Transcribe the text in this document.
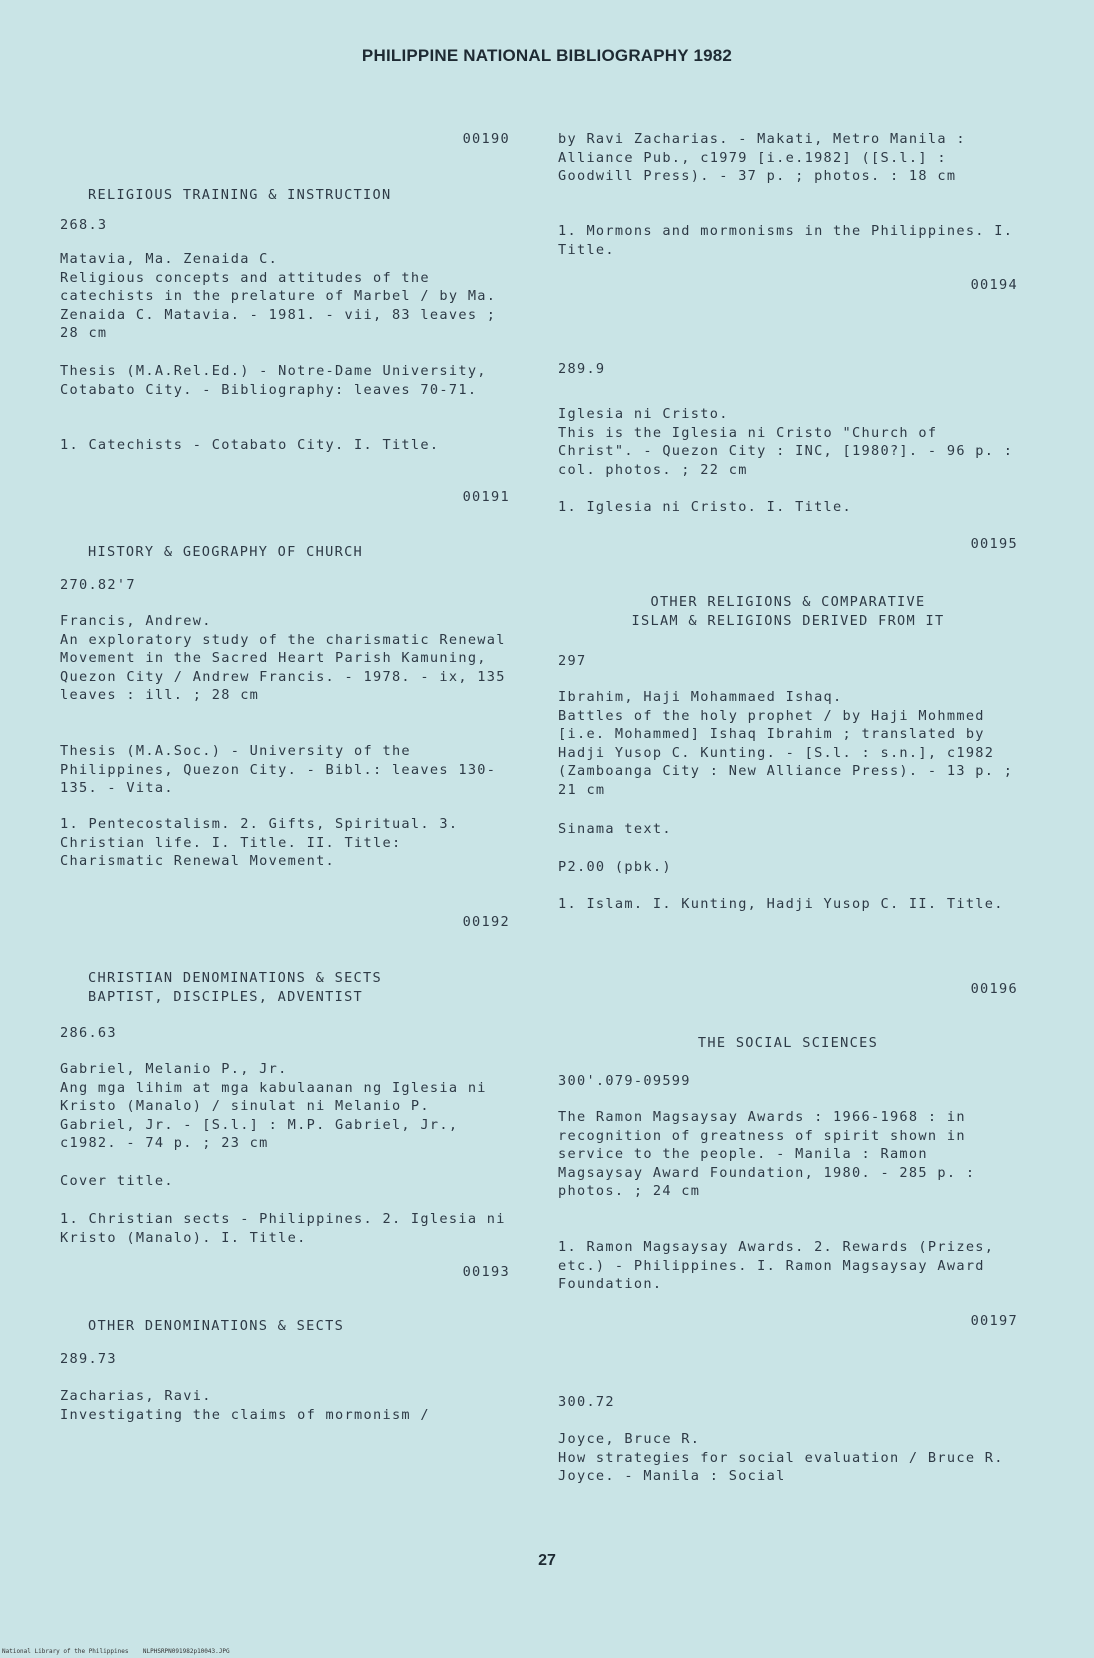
PHILIPPINE NATIONAL BIBLIOGRAPHY 1982
00190
RELIGIOUS TRAINING & INSTRUCTION
268.3
Matavia, Ma. Zenaida C.
Religious concepts and attitudes of the catechists in the prelature of Marbel / by Ma. Zenaida C. Matavia. - 1981. - vii, 83 leaves ; 28 cm
Thesis (M.A.Rel.Ed.) - Notre-Dame University, Cotabato City. - Bibliography: leaves 70-71.
1. Catechists - Cotabato City. I. Title.
00191
HISTORY & GEOGRAPHY OF CHURCH
270.82'7
Francis, Andrew.
An exploratory study of the charismatic Renewal Movement in the Sacred Heart Parish Kamuning, Quezon City / Andrew Francis. - 1978. - ix, 135 leaves : ill. ; 28 cm
Thesis (M.A.Soc.) - University of the Philippines, Quezon City. - Bibl.: leaves 130-135. - Vita.
1. Pentecostalism. 2. Gifts, Spiritual. 3. Christian life. I. Title. II. Title: Charismatic Renewal Movement.
00192
CHRISTIAN DENOMINATIONS & SECTS
BAPTIST, DISCIPLES, ADVENTIST
286.63
Gabriel, Melanio P., Jr.
Ang mga lihim at mga kabulaanan ng Iglesia ni Kristo (Manalo) / sinulat ni Melanio P. Gabriel, Jr. - [S.l.] : M.P. Gabriel, Jr., c1982. - 74 p. ; 23 cm
Cover title.
1. Christian sects - Philippines. 2. Iglesia ni Kristo (Manalo). I. Title.
00193
OTHER DENOMINATIONS & SECTS
289.73
Zacharias, Ravi.
Investigating the claims of mormonism /
by Ravi Zacharias. - Makati, Metro Manila : Alliance Pub., c1979 [i.e.1982] ([S.l.] : Goodwill Press). - 37 p. ; photos. : 18 cm
1. Mormons and mormonisms in the Philippines. I. Title.
00194
289.9
Iglesia ni Cristo.
This is the Iglesia ni Cristo "Church of Christ". - Quezon City : INC, [1980?]. - 96 p. : col. photos. ; 22 cm
1. Iglesia ni Cristo. I. Title.
00195
OTHER RELIGIONS & COMPARATIVE
ISLAM & RELIGIONS DERIVED FROM IT
297
Ibrahim, Haji Mohammaed Ishaq.
Battles of the holy prophet / by Haji Mohmmed [i.e. Mohammed] Ishaq Ibrahim ; translated by Hadji Yusop C. Kunting. - [S.l. : s.n.], c1982 (Zamboanga City : New Alliance Press). - 13 p. ; 21 cm
Sinama text.
P2.00 (pbk.)
1. Islam. I. Kunting, Hadji Yusop C. II. Title.
00196
THE SOCIAL SCIENCES
300'.079-09599
The Ramon Magsaysay Awards : 1966-1968 : in recognition of greatness of spirit shown in service to the people. - Manila : Ramon Magsaysay Award Foundation, 1980. - 285 p. : photos. ; 24 cm
1. Ramon Magsaysay Awards. 2. Rewards (Prizes, etc.) - Philippines. I. Ramon Magsaysay Award Foundation.
00197
300.72
Joyce, Bruce R.
How strategies for social evaluation / Bruce R. Joyce. - Manila : Social
27
National Library of the Philippines    NLPHSRPN091982p10043.JPG
